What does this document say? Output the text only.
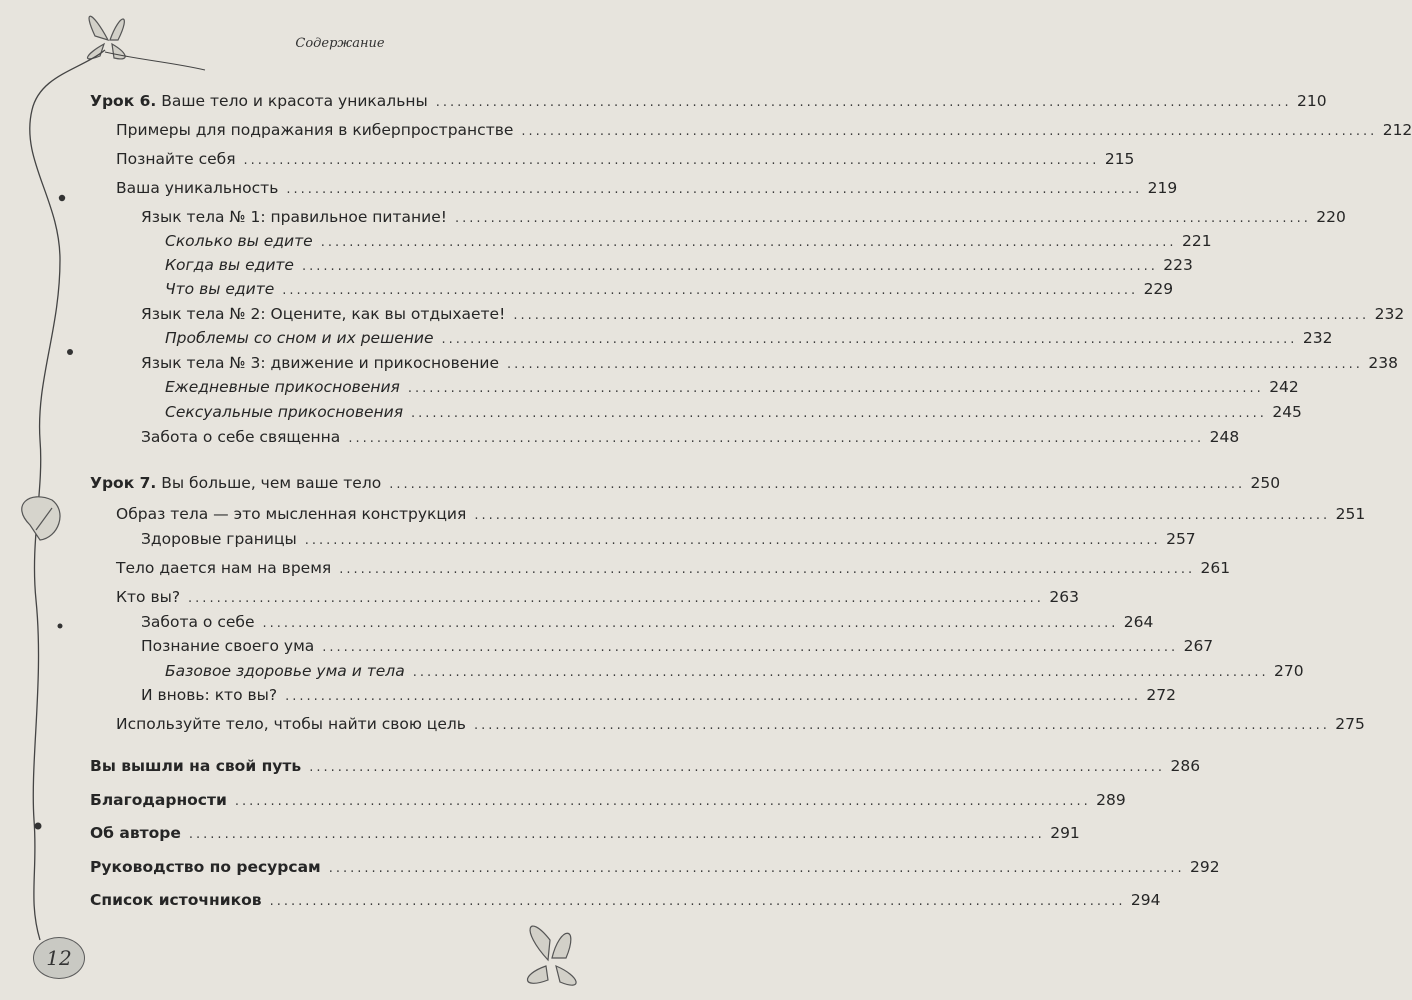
Содержание
Урок 6. Ваше тело и красота уникальны ........................................................................................................................ 210
Примеры для подражания в киберпространстве ........................................................................................................................ 212
Познайте себя ........................................................................................................................ 215
Ваша уникальность ........................................................................................................................ 219
Язык тела № 1: правильное питание! ........................................................................................................................ 220
Сколько вы едите ........................................................................................................................ 221
Когда вы едите ........................................................................................................................ 223
Что вы едите ........................................................................................................................ 229
Язык тела № 2: Оцените, как вы отдыхаете! ........................................................................................................................ 232
Проблемы со сном и их решение ........................................................................................................................ 232
Язык тела № 3: движение и прикосновение ........................................................................................................................ 238
Ежедневные прикосновения ........................................................................................................................ 242
Сексуальные прикосновения ........................................................................................................................ 245
Забота о себе священна ........................................................................................................................ 248
Урок 7. Вы больше, чем ваше тело ........................................................................................................................ 250
Образ тела — это мысленная конструкция ........................................................................................................................ 251
Здоровые границы ........................................................................................................................ 257
Тело дается нам на время ........................................................................................................................ 261
Кто вы? ........................................................................................................................ 263
Забота о себе ........................................................................................................................ 264
Познание своего ума ........................................................................................................................ 267
Базовое здоровье ума и тела ........................................................................................................................ 270
И вновь: кто вы? ........................................................................................................................ 272
Используйте тело, чтобы найти свою цель ........................................................................................................................ 275
Вы вышли на свой путь ........................................................................................................................ 286
Благодарности ........................................................................................................................ 289
Об авторе ........................................................................................................................ 291
Руководство по ресурсам ........................................................................................................................ 292
Список источников ........................................................................................................................ 294
12
